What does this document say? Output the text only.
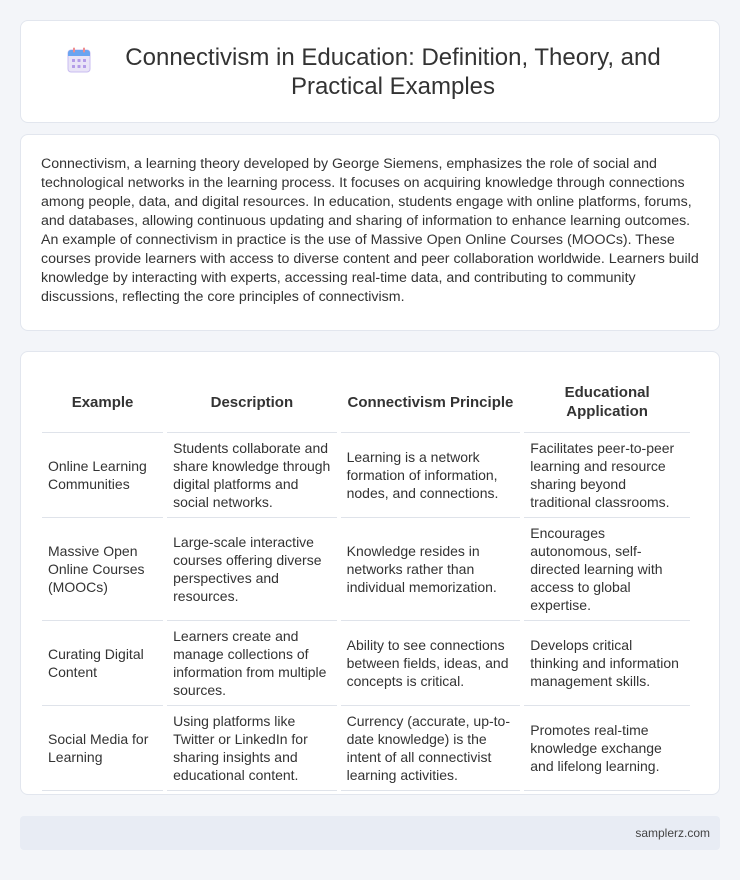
Connectivism in Education: Definition, Theory, and Practical Examples

Connectivism, a learning theory developed by George Siemens, emphasizes the role of social and technological networks in the learning process. It focuses on acquiring knowledge through connections among people, data, and digital resources. In education, students engage with online platforms, forums, and databases, allowing continuous updating and sharing of information to enhance learning outcomes. An example of connectivism in practice is the use of Massive Open Online Courses (MOOCs). These courses provide learners with access to diverse content and peer collaboration worldwide. Learners build knowledge by interacting with experts, accessing real-time data, and contributing to community discussions, reflecting the core principles of connectivism.

Example	Description	Connectivism Principle	Educational Application
Online Learning Communities	Students collaborate and share knowledge through digital platforms and social networks.	Learning is a network formation of information, nodes, and connections.	Facilitates peer-to-peer learning and resource sharing beyond traditional classrooms.
Massive Open Online Courses (MOOCs)	Large-scale interactive courses offering diverse perspectives and resources.	Knowledge resides in networks rather than individual memorization.	Encourages autonomous, self-directed learning with access to global expertise.
Curating Digital Content	Learners create and manage collections of information from multiple sources.	Ability to see connections between fields, ideas, and concepts is critical.	Develops critical thinking and information management skills.
Social Media for Learning	Using platforms like Twitter or LinkedIn for sharing insights and educational content.	Currency (accurate, up-to-date knowledge) is the intent of all connectivist learning activities.	Promotes real-time knowledge exchange and lifelong learning.
samplerz.com
